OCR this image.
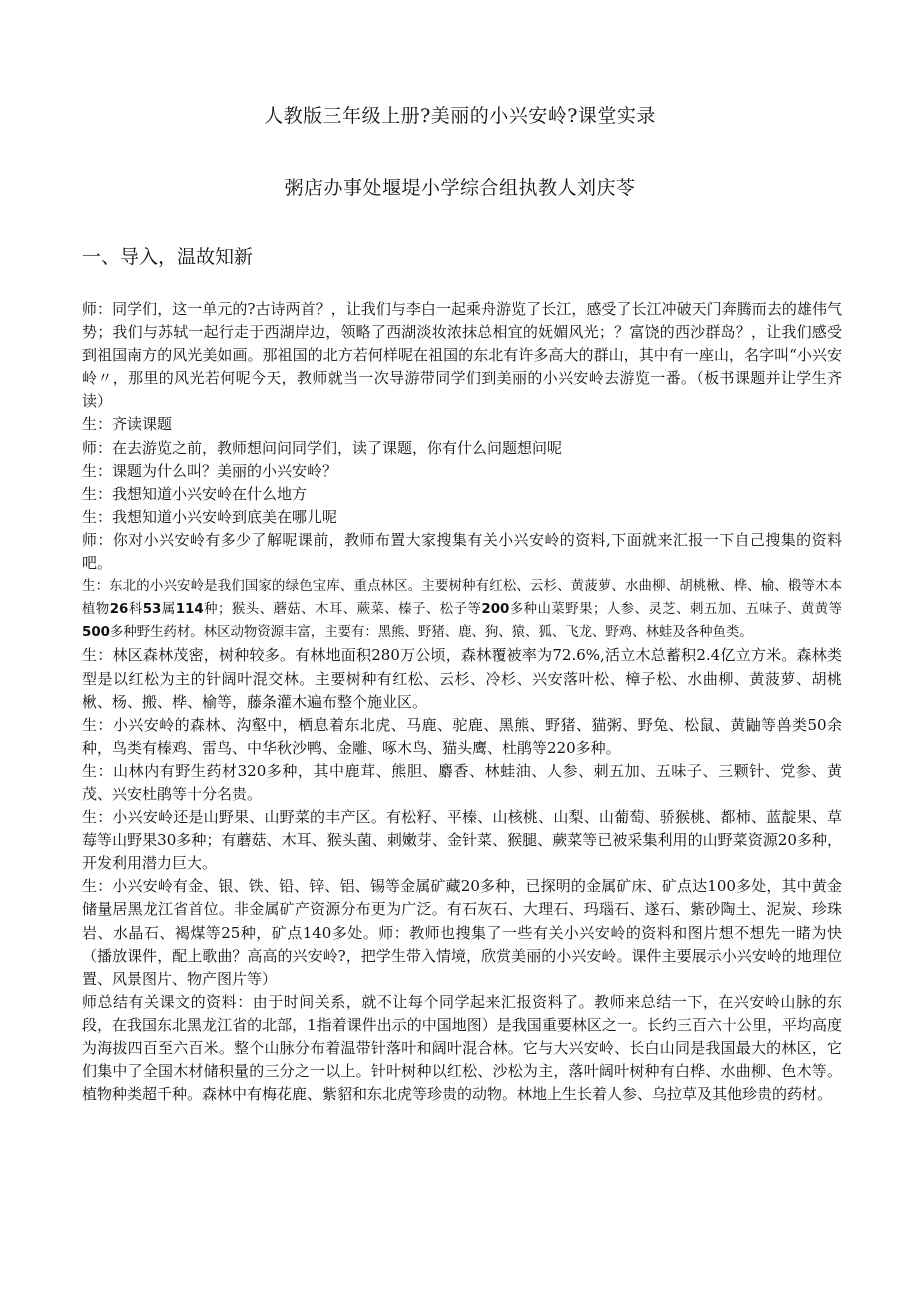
人教版三年级上册?美丽的小兴安岭?课堂实录
粥店办事处堰堤小学综合组执教人刘庆苓
一、导入，温故知新

师：同学们，这一单元的?古诗两首？，让我们与李白一起乘舟游览了长江，感受了长江冲破天门奔腾而去的雄伟气势；我们与苏轼一起行走于西湖岸边，领略了西湖淡妆浓抹总相宜的妩媚风光；？富饶的西沙群岛？，让我们感受到祖国南方的风光美如画。那祖国的北方若何样呢在祖国的东北有许多高大的群山，其中有一座山，名字叫“小兴安岭〃，那里的风光若何呢今天，教师就当一次导游带同学们到美丽的小兴安岭去游览一番。（板书课题并让学生齐读）

生：齐读课题

师：在去游览之前，教师想问问同学们，读了课题，你有什么问题想问呢

生：课题为什么叫？美丽的小兴安岭？

生：我想知道小兴安岭在什么地方

生：我想知道小兴安岭到底美在哪儿呢

师：你对小兴安岭有多少了解呢课前，教师布置大家搜集有关小兴安岭的资料,下面就来汇报一下自己搜集的资料吧。

生：东北的小兴安岭是我们国家的绿色宝库、重点林区。主要树种有红松、云杉、黄菠萝、水曲柳、胡桃楸、桦、榆、椴等木本植物26科53属114种；猴头、蘑菇、木耳、蕨菜、榛子、松子等200多种山菜野果；人参、灵芝、刺五加、五味子、黄黄等500多种野生药材。林区动物资源丰富，主要有：黑熊、野猪、鹿、狗、猿、狐、飞龙、野鸡、林蛙及各种鱼类。

生：林区森林茂密，树种较多。有林地面积280万公顷，森林覆被率为72.6%,活立木总蓄积2.4亿立方米。森林类型是以红松为主的针阔叶混交林。主要树种有红松、云杉、冷杉、兴安落叶松、樟子松、水曲柳、黄菠萝、胡桃楸、杨、搬、桦、榆等，藤条灌木遍布整个施业区。

生：小兴安岭的森林、沟壑中，栖息着东北虎、马鹿、驼鹿、黑熊、野猪、猫粥、野兔、松鼠、黄鼬等兽类50余种，鸟类有榛鸡、雷鸟、中华秋沙鸭、金雕、啄木鸟、猫头鹰、杜鹃等220多种。

生：山林内有野生药材320多种，其中鹿茸、熊胆、麝香、林蛙油、人参、刺五加、五味子、三颗针、党参、黄茂、兴安杜鹃等十分名贵。

生：小兴安岭还是山野果、山野菜的丰产区。有松籽、平榛、山核桃、山梨、山葡萄、骄猴桃、都柿、蓝靛果、草莓等山野果30多种；有蘑菇、木耳、猴头菌、刺嫩芽、金针菜、猴腿、蕨菜等已被采集利用的山野菜资源20多种，开发利用潜力巨大。

生：小兴安岭有金、银、铁、铅、锌、铝、锡等金属矿藏20多种，已探明的金属矿床、矿点达100多处，其中黄金储量居黑龙江省首位。非金属矿产资源分布更为广泛。有石灰石、大理石、玛瑙石、遂石、紫砂陶土、泥炭、珍珠岩、水晶石、褐煤等25种，矿点140多处。师：教师也搜集了一些有关小兴安岭的资料和图片想不想先一睹为快（播放课件，配上歌曲？高高的兴安岭?，把学生带入情境，欣赏美丽的小兴安岭。课件主要展示小兴安岭的地理位置、风景图片、物产图片等）

师总结有关课文的资料：由于时间关系，就不让每个同学起来汇报资料了。教师来总结一下，在兴安岭山脉的东段，在我国东北黑龙江省的北部，1指着课件出示的中国地图）是我国重要林区之一。长约三百六十公里，平均高度为海拔四百至六百米。整个山脉分布着温带针落叶和阔叶混合林。它与大兴安岭、长白山同是我国最大的林区，它们集中了全国木材储积量的三分之一以上。针叶树种以红松、沙松为主，落叶阔叶树种有白桦、水曲柳、色木等。植物种类超千种。森林中有梅花鹿、紫貂和东北虎等珍贵的动物。林地上生长着人参、乌拉草及其他珍贵的药材。
